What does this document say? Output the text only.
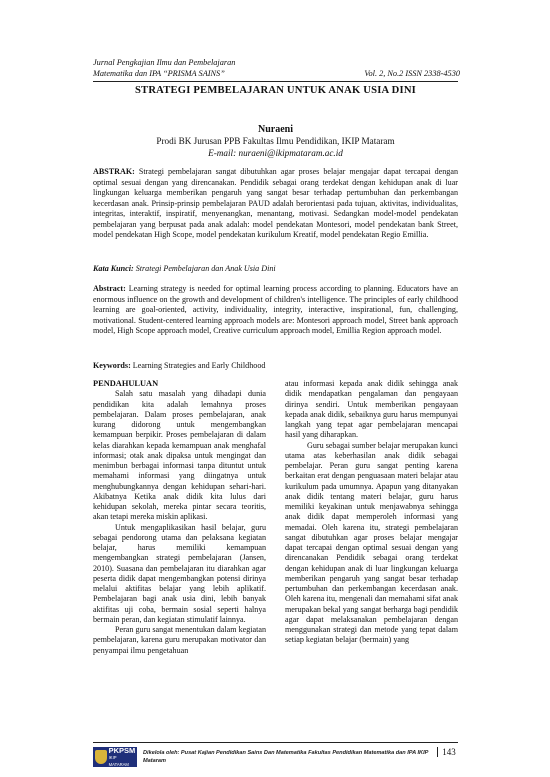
Jurnal Pengkajian Ilmu dan Pembelajaran
Matematika dan IPA “PRISMA SAINS”	Vol. 2, No.2 ISSN 2338-4530
STRATEGI PEMBELAJARAN UNTUK ANAK USIA DINI
Nuraeni
Prodi BK Jurusan PPB Fakultas Ilmu Pendidikan, IKIP Mataram
E-mail: nuraeni@ikipmataram.ac.id
ABSTRAK: Strategi pembelajaran sangat dibutuhkan agar proses belajar mengajar dapat tercapai dengan optimal sesuai dengan yang direncanakan. Pendidik sebagai orang terdekat dengan kehidupan anak di luar lingkungan keluarga memberikan pengaruh yang sangat besar terhadap pertumbuhan dan perkembangan kecerdasan anak. Prinsip-prinsip pembelajaran PAUD adalah berorientasi pada tujuan, aktivitas, individualitas, integritas, interaktif, inspiratif, menyenangkan, menantang, motivasi. Sedangkan model-model pendekatan pembelajaran yang berpusat pada anak adalah: model pendekatan Montesori, model pendekatan bank Street, model pendekatan High Scope, model pendekatan kurikulum Kreatif, model pendekatan Regio Emillia.
Kata Kunci: Strategi Pembelajaran dan Anak Usia Dini
Abstract: Learning strategy is needed for optimal learning process according to planning. Educators have an enormous influence on the growth and development of children's intelligence. The principles of early childhood learning are goal-oriented, activity, individuality, integrity, interactive, inspirational, fun, challenging, motivational. Student-centered learning approach models are: Montesori approach model, Street bank approach model, High Scope approach model, Creative curriculum approach model, Emillia Region approach model.
Keywords: Learning Strategies and Early Childhood

PENDAHULUAN

Salah satu masalah yang dihadapi dunia pendidikan kita adalah lemahnya proses pembelajaran. Dalam proses pembelajaran, anak kurang didorong untuk mengembangkan kemampuan berpikir. Proses pembelajaran di dalam kelas diarahkan kepada kemampuan anak menghafal informasi; otak anak dipaksa untuk mengingat dan menimbun berbagai informasi tanpa dituntut untuk memahami informasi yang diingatnya untuk menghubungkannya dengan kehidupan sehari-hari. Akibatnya Ketika anak didik kita lulus dari kehidupan sekolah, mereka pintar secara teoritis, akan tetapi mereka miskin aplikasi.

Untuk mengaplikasikan hasil belajar, guru sebagai pendorong utama dan pelaksana kegiatan belajar, harus memiliki kemampuan mengembangkan strategi pembelajaran (Jansen, 2010). Suasana dan pembelajaran itu diarahkan agar peserta didik dapat mengembangkan potensi dirinya melalui aktifitas belajar yang lebih aplikatif. Pembelajaran bagi anak usia dini, lebih banyak aktifitas uji coba, bermain sosial seperti halnya bermain peran, dan kegiatan stimulatif lainnya.

Peran guru sangat menentukan dalam kegiatan pembelajaran, karena guru merupakan motivator dan penyampai ilmu pengetahuan

atau informasi kepada anak didik sehingga anak didik mendapatkan pengalaman dan pengayaan dirinya sendiri. Untuk memberikan pengayaan kepada anak didik, sebaiknya guru harus mempunyai langkah yang tepat agar pembelajaran mencapai hasil yang diharapkan.

Guru sebagai sumber belajar merupakan kunci utama atas keberhasilan anak didik sebagai pembelajar. Peran guru sangat penting karena berkaitan erat dengan penguasaan materi belajar atau kurikulum pada umumnya. Apapun yang ditanyakan anak didik tentang materi belajar, guru harus memiliki keyakinan untuk menjawabnya sehingga anak didik dapat memperoleh informasi yang memadai. Oleh karena itu, strategi pembelajaran sangat dibutuhkan agar proses belajar mengajar dapat tercapai dengan optimal sesuai dengan yang direncanakan Pendidik sebagai orang terdekat dengan kehidupan anak di luar lingkungan keluarga memberikan pengaruh yang sangat besar terhadap pertumbuhan dan perkembangan kecerdasan anak. Oleh karena itu, mengenali dan memahami sifat anak merupakan bekal yang sangat berharga bagi pendidik agar dapat melaksanakan pembelajaran dengan menggunakan strategi dan metode yang tepat dalam setiap kegiatan belajar (bermain) yang

PKPSM
IKIP MATARAM
Dikelola oleh: Pusat Kajian Pendidikan Sains Dan Matematika Fakultas Pendidikan Matematika dan IPA IKIP Mataram
143
